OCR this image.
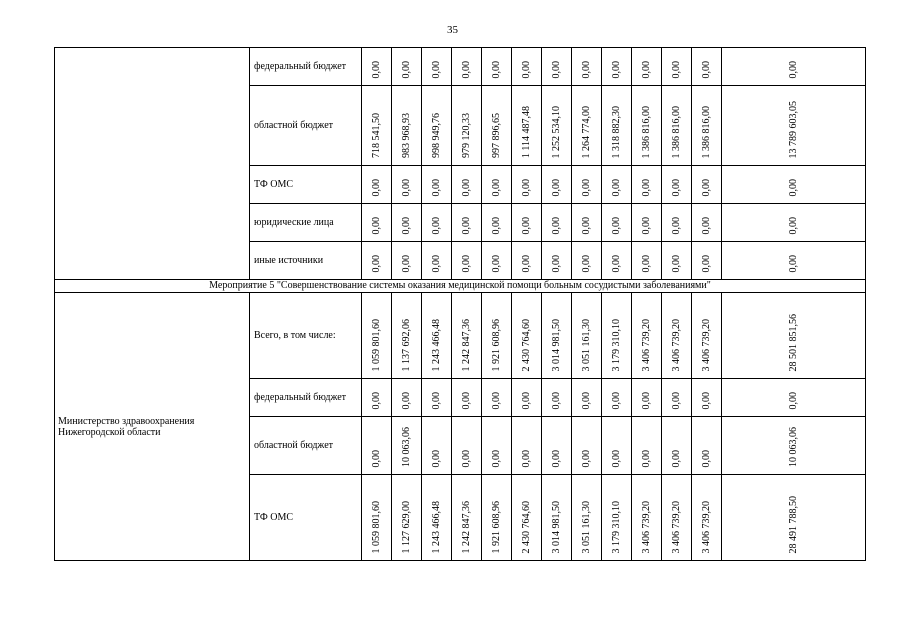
35
	федеральный бюджет	0,00	0,00	0,00	0,00	0,00	0,00	0,00	0,00	0,00	0,00	0,00	0,00	0,00
	областной бюджет	718 541,50	983 968,93	998 949,76	979 120,33	997 896,65	1 114 487,48	1 252 534,10	1 264 774,00	1 318 882,30	1 386 816,00	1 386 816,00	1 386 816,00	13 789 603,05
	ТФ ОМС	0,00	0,00	0,00	0,00	0,00	0,00	0,00	0,00	0,00	0,00	0,00	0,00	0,00
	юридические лица	0,00	0,00	0,00	0,00	0,00	0,00	0,00	0,00	0,00	0,00	0,00	0,00	0,00
	иные источники	0,00	0,00	0,00	0,00	0,00	0,00	0,00	0,00	0,00	0,00	0,00	0,00	0,00
Мероприятие 5 "Совершенствование системы оказания медицинской помощи больным сосудистыми заболеваниями"														
Министерство здравоохранения Нижегородской области	Всего, в том числе:	1 059 801,60	1 137 692,06	1 243 466,48	1 242 847,36	1 921 608,96	2 430 764,60	3 014 981,50	3 051 161,30	3 179 310,10	3 406 739,20	3 406 739,20	3 406 739,20	28 501 851,56
	федеральный бюджет	0,00	0,00	0,00	0,00	0,00	0,00	0,00	0,00	0,00	0,00	0,00	0,00	0,00
	областной бюджет	0,00	10 063,06	0,00	0,00	0,00	0,00	0,00	0,00	0,00	0,00	0,00	0,00	10 063,06
	ТФ ОМС	1 059 801,60	1 127 629,00	1 243 466,48	1 242 847,36	1 921 608,96	2 430 764,60	3 014 981,50	3 051 161,30	3 179 310,10	3 406 739,20	3 406 739,20	3 406 739,20	28 491 788,50
